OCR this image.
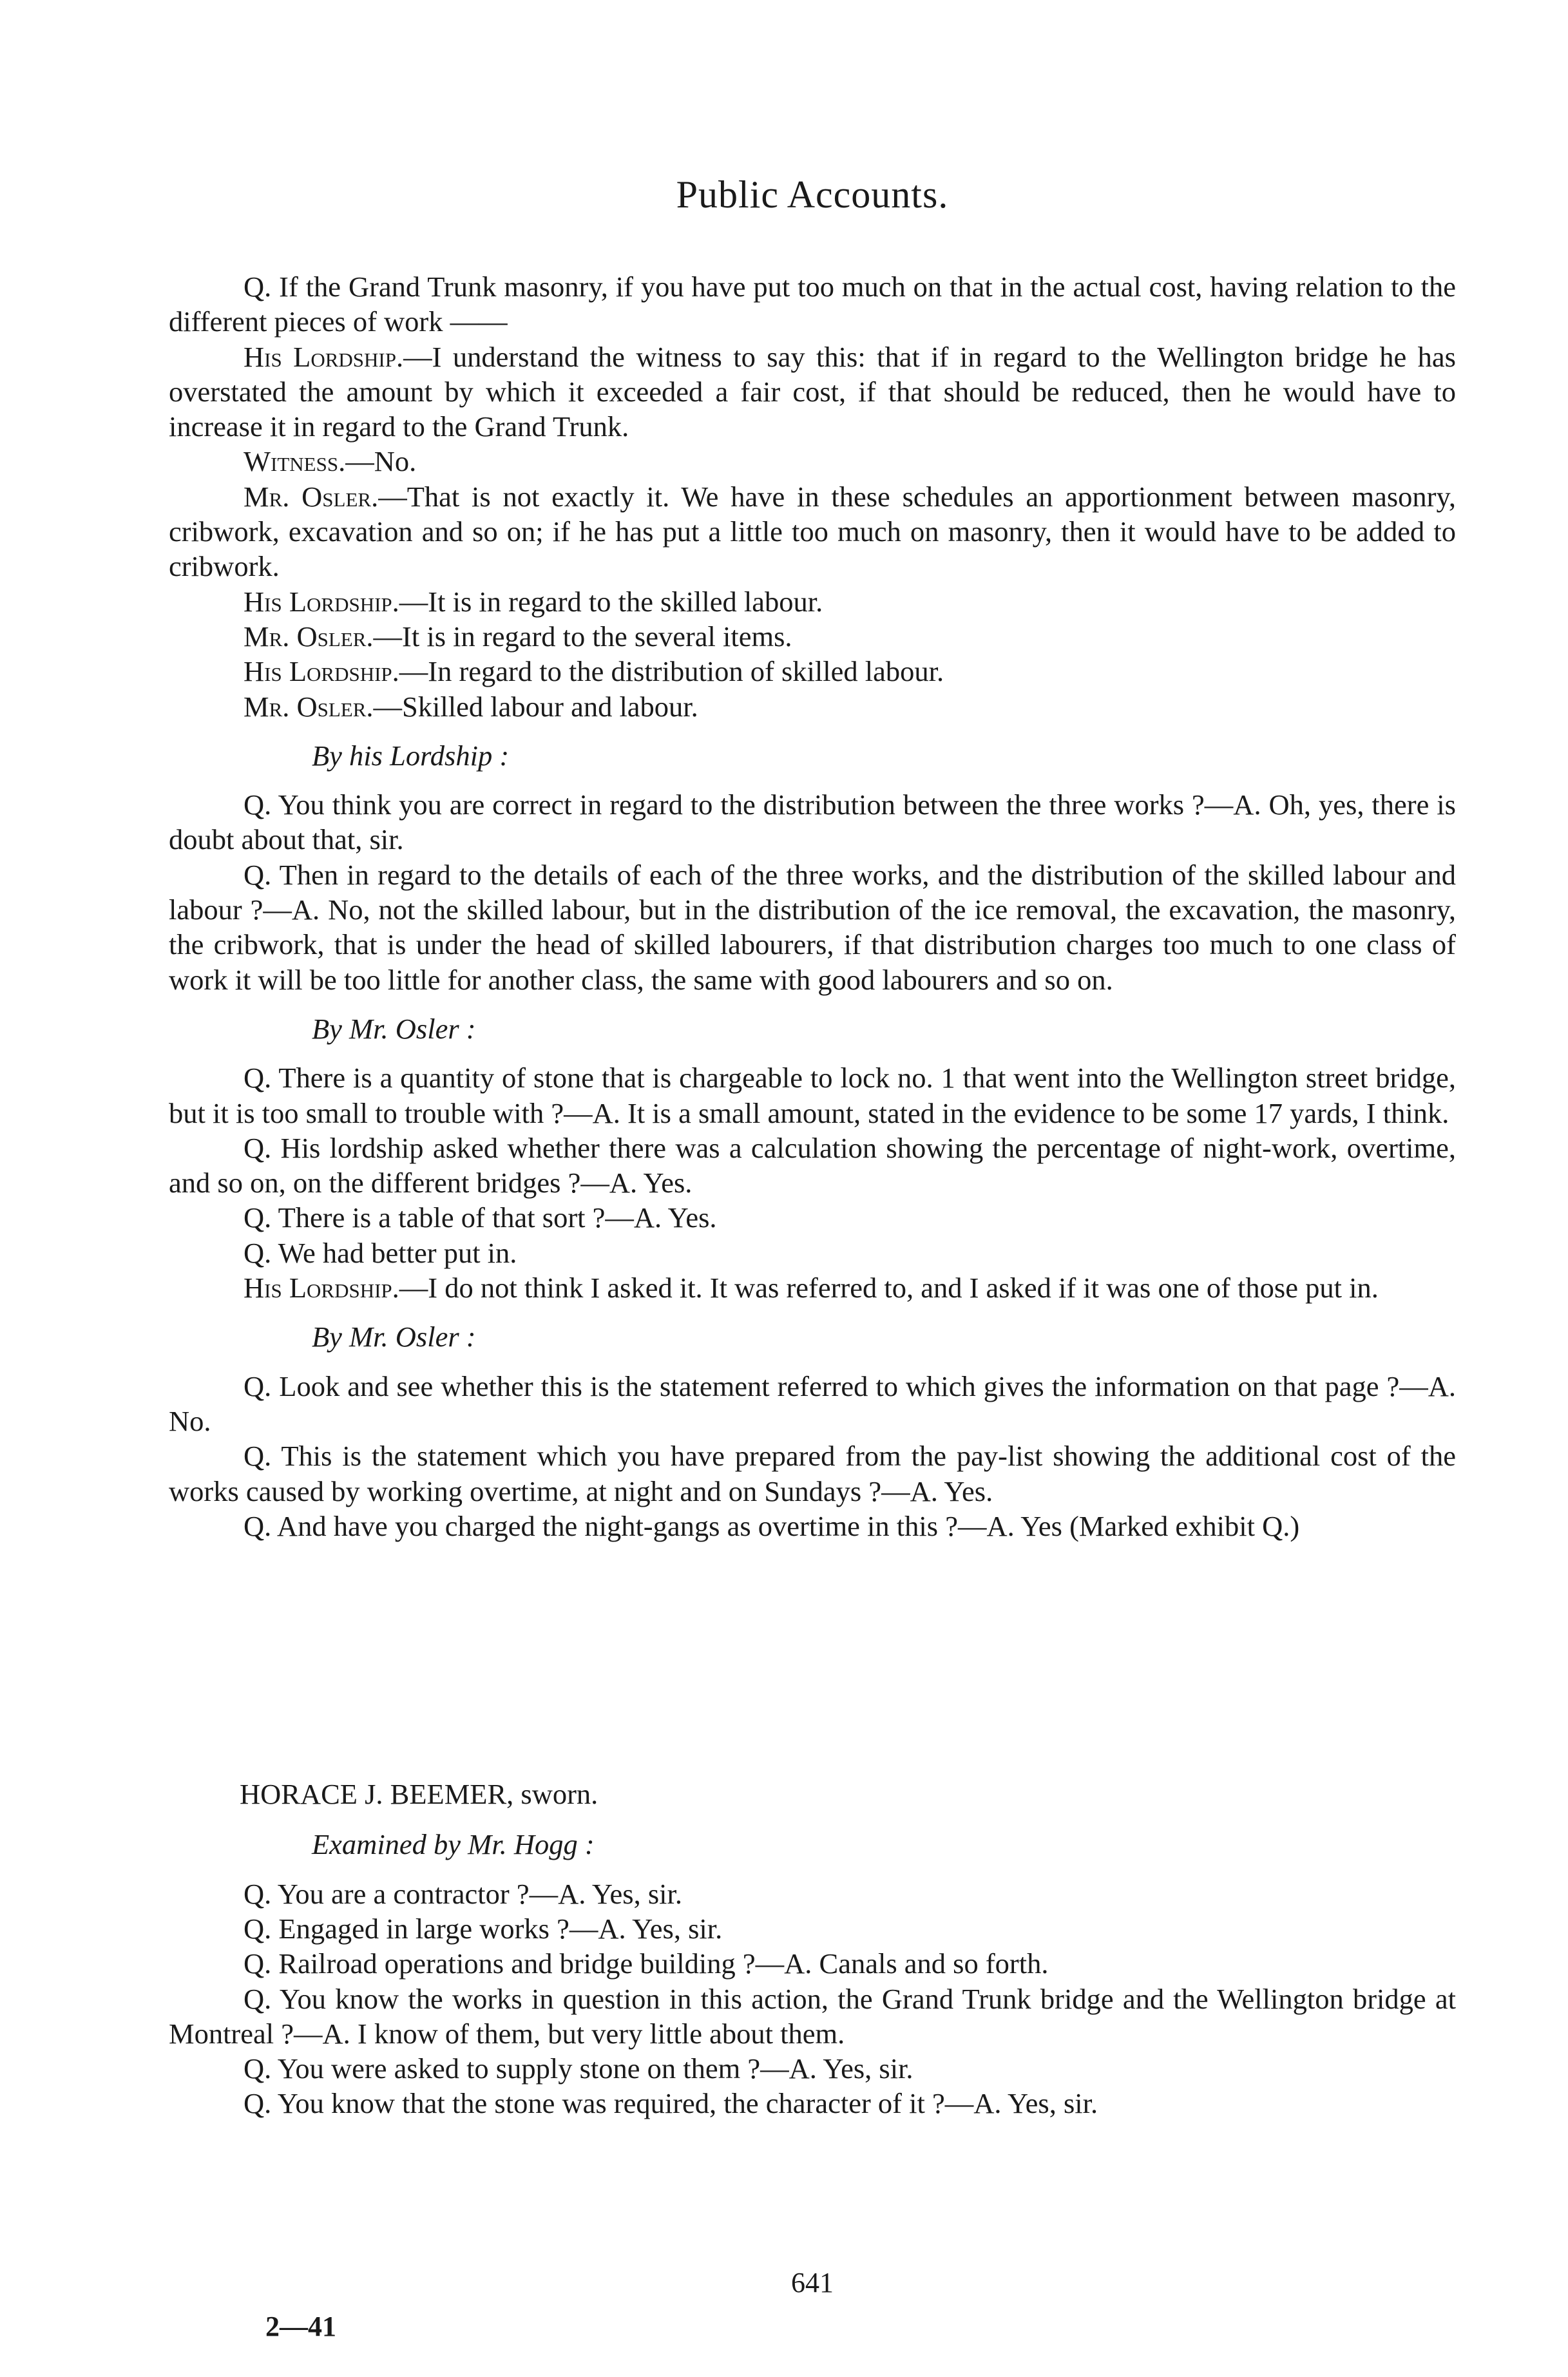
Public Accounts.

Q. If the Grand Trunk masonry, if you have put too much on that in the actual cost, having relation to the different pieces of work ——

His Lordship.—I understand the witness to say this: that if in regard to the Wellington bridge he has overstated the amount by which it exceeded a fair cost, if that should be reduced, then he would have to increase it in regard to the Grand Trunk.

Witness.—No.

Mr. Osler.—That is not exactly it. We have in these schedules an apportionment between masonry, cribwork, excavation and so on; if he has put a little too much on masonry, then it would have to be added to cribwork.

His Lordship.—It is in regard to the skilled labour.

Mr. Osler.—It is in regard to the several items.

His Lordship.—In regard to the distribution of skilled labour.

Mr. Osler.—Skilled labour and labour.

By his Lordship :

Q. You think you are correct in regard to the distribution between the three works ?—A. Oh, yes, there is doubt about that, sir.

Q. Then in regard to the details of each of the three works, and the distribution of the skilled labour and labour ?—A. No, not the skilled labour, but in the distribution of the ice removal, the excavation, the masonry, the cribwork, that is under the head of skilled labourers, if that distribution charges too much to one class of work it will be too little for another class, the same with good labourers and so on.

By Mr. Osler :

Q. There is a quantity of stone that is chargeable to lock no. 1 that went into the Wellington street bridge, but it is too small to trouble with ?—A. It is a small amount, stated in the evidence to be some 17 yards, I think.

Q. His lordship asked whether there was a calculation showing the percentage of night-work, overtime, and so on, on the different bridges ?—A. Yes.

Q. There is a table of that sort ?—A. Yes.

Q. We had better put in.

His Lordship.—I do not think I asked it. It was referred to, and I asked if it was one of those put in.

By Mr. Osler :

Q. Look and see whether this is the statement referred to which gives the information on that page ?—A. No.

Q. This is the statement which you have prepared from the pay-list showing the additional cost of the works caused by working overtime, at night and on Sundays ?—A. Yes.

Q. And have you charged the night-gangs as overtime in this ?—A. Yes (Marked exhibit Q.)

HORACE J. BEEMER, sworn.

Examined by Mr. Hogg :

Q. You are a contractor ?—A. Yes, sir.

Q. Engaged in large works ?—A. Yes, sir.

Q. Railroad operations and bridge building ?—A. Canals and so forth.

Q. You know the works in question in this action, the Grand Trunk bridge and the Wellington bridge at Montreal ?—A. I know of them, but very little about them.

Q. You were asked to supply stone on them ?—A. Yes, sir.

Q. You know that the stone was required, the character of it ?—A. Yes, sir.

641
2—41
